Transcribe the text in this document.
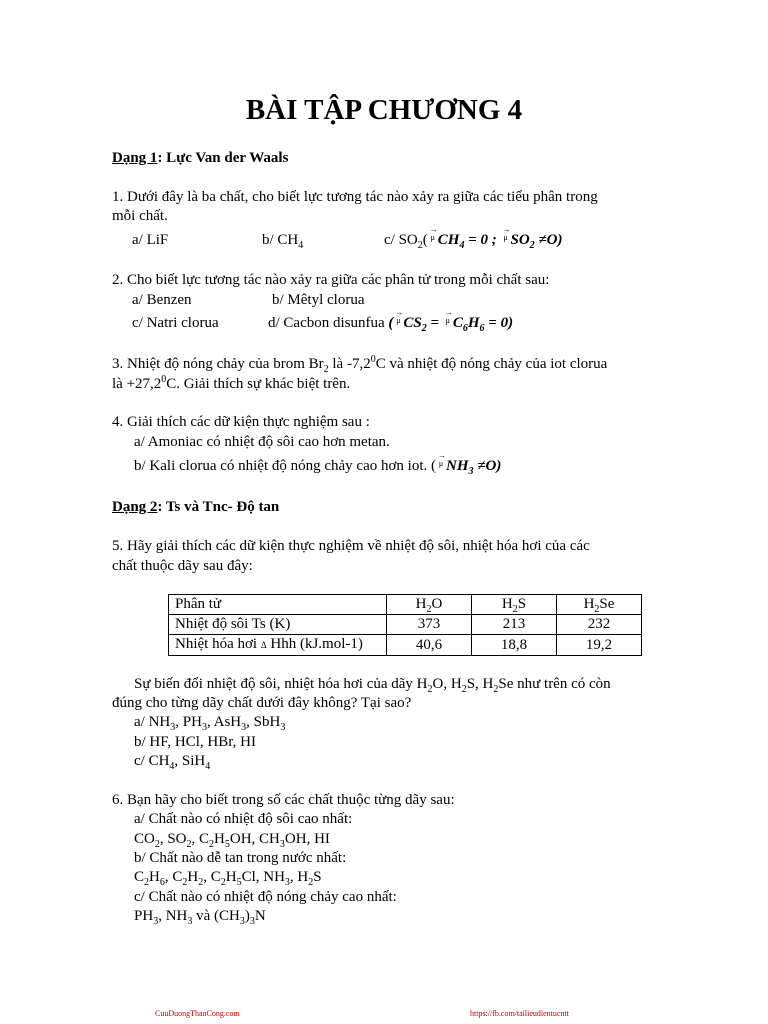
BÀI TẬP CHƯƠNG 4
Dạng 1: Lực Van der Waals
1. Dưới đây là ba chất, cho biết lực tương tác nào xảy ra giữa các tiểu phân trong
mỗi chất.
a/ LiF	b/ $CH_4$	c/ $SO_2( \to \mu$ $CH_4 = 0$ ; → μ $SO_2 \ne O$)
2. Cho biết lực tương tác nào xảy ra giữa các phân tử trong mỗi chất sau:
a/ Benzen	b/ Mêtyl clorua
c/ Natri clorua	d/ Cacbon disunfua ( → μ $CS_2$ = → μ $C_6H_6 = 0$)
3. Nhiệt độ nóng chảy của brom $Br_2$ là $-7,2^0C$ và nhiệt độ nóng chảy của iot clorua
là $+27,2^0C$. Giải thích sự khác biệt trên.
4. Giải thích các dữ kiện thực nghiệm sau :
a/ Amoniac có nhiệt độ sôi cao hơn metan.
b/ Kali clorua có nhiệt độ nóng chảy cao hơn iot. ( → μ $NH_3 \ne O$)
Dạng 2: Ts và Tnc- Độ tan
5. Hãy giải thích các dữ kiện thực nghiệm về nhiệt độ sôi, nhiệt hóa hơi của các
chất thuộc dãy sau đây:
Phân tử	$H_2O$	$H_2S$	$H_2Se$
Nhiệt độ sôi Ts (K)	373	213	232
Nhiệt hóa hơi Δ Hhh (kJ.mol-1)	40,6	18,8	19,2
Sự biến đổi nhiệt độ sôi, nhiệt hóa hơi của dãy $H_2O$, $H_2S$, $H_2Se$ như trên có còn
đúng cho từng dãy chất dưới đây không? Tại sao?
a/ $NH_3$, $PH_3$, AsH$_3$, SbH$_3$
b/ HF, HCl, HBr, HI
c/ $CH_4$, SiH$_4$
6. Bạn hãy cho biết trong số các chất thuộc từng dãy sau:
a/ Chất nào có nhiệt độ sôi cao nhất:
$CO_2$, $SO_2$, $C_2H_5OH$, $CH_3OH$, HI
b/ Chất nào dễ tan trong nước nhất:
$C_2H_6$, $C_2H_2$, $C_2H_5Cl$, $NH_3$, $H_2S$
c/ Chất nào có nhiệt độ nóng chảy cao nhất:
$PH_3$, $NH_3$ và $(CH_3)_3N$
CuuDuongThanCong.com	https://fb.com/tailieudientucntt
